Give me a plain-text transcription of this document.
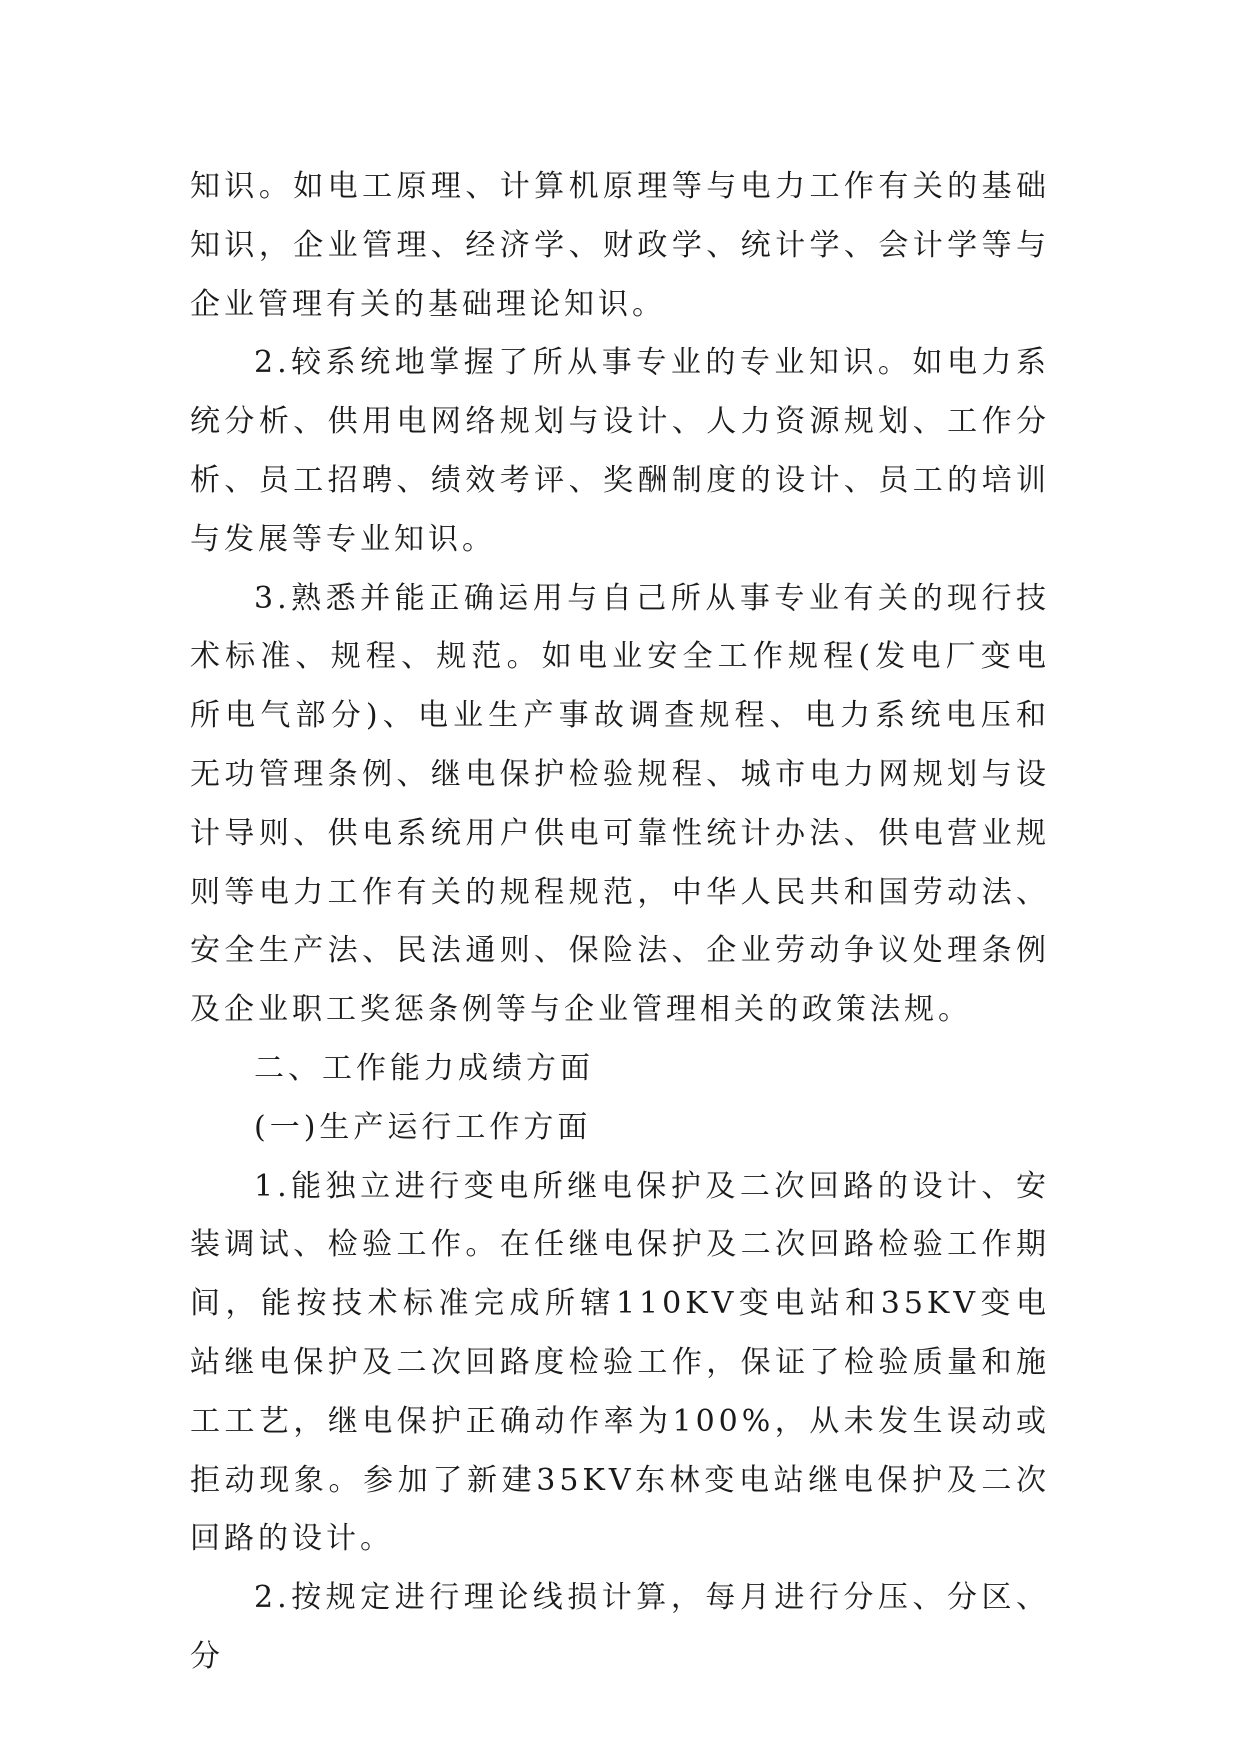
知识。如电工原理、计算机原理等与电力工作有关的基础知识，企业管理、经济学、财政学、统计学、会计学等与企业管理有关的基础理论知识。

2.较系统地掌握了所从事专业的专业知识。如电力系统分析、供用电网络规划与设计、人力资源规划、工作分析、员工招聘、绩效考评、奖酬制度的设计、员工的培训与发展等专业知识。

3.熟悉并能正确运用与自己所从事专业有关的现行技术标准、规程、规范。如电业安全工作规程(发电厂变电所电气部分)、电业生产事故调查规程、电力系统电压和无功管理条例、继电保护检验规程、城市电力网规划与设计导则、供电系统用户供电可靠性统计办法、供电营业规则等电力工作有关的规程规范，中华人民共和国劳动法、安全生产法、民法通则、保险法、企业劳动争议处理条例及企业职工奖惩条例等与企业管理相关的政策法规。

二、工作能力成绩方面

(一)生产运行工作方面

1.能独立进行变电所继电保护及二次回路的设计、安装调试、检验工作。在任继电保护及二次回路检验工作期间，能按技术标准完成所辖110KV变电站和35KV变电站继电保护及二次回路度检验工作，保证了检验质量和施工工艺，继电保护正确动作率为100%，从未发生误动或拒动现象。参加了新建35KV东林变电站继电保护及二次回路的设计。

2.按规定进行理论线损计算，每月进行分压、分区、分
